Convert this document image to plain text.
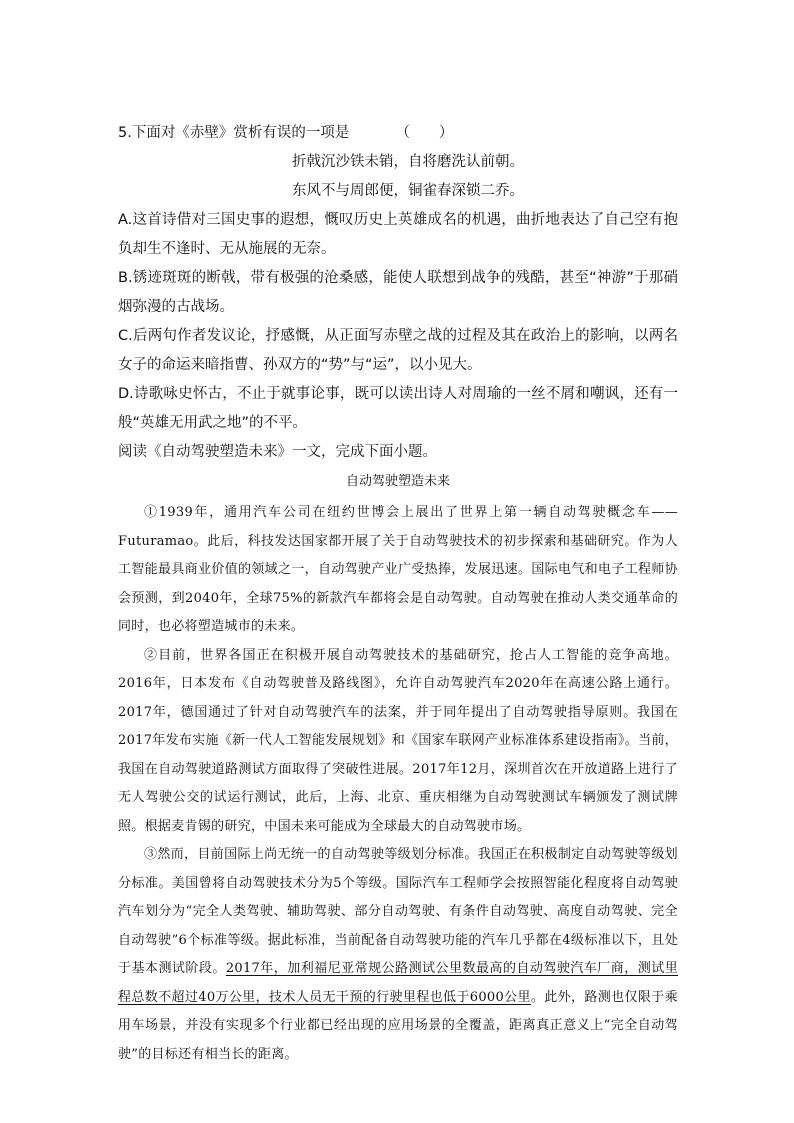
5.下面对《赤壁》赏析有误的一项是	（　　）

折戟沉沙铁未销，自将磨洗认前朝。

东风不与周郎便，铜雀春深锁二乔。

A.这首诗借对三国史事的遐想，慨叹历史上英雄成名的机遇，曲折地表达了自己空有抱负却生不逢时、无从施展的无奈。

B.锈迹斑斑的断戟，带有极强的沧桑感，能使人联想到战争的残酷，甚至“神游”于那硝烟弥漫的古战场。

C.后两句作者发议论，抒感慨，从正面写赤壁之战的过程及其在政治上的影响，以两名女子的命运来暗指曹、孙双方的“势”与“运”，以小见大。

D.诗歌咏史怀古，不止于就事论事，既可以读出诗人对周瑜的一丝不屑和嘲讽，还有一般“英雄无用武之地”的不平。

阅读《自动驾驶塑造未来》一文，完成下面小题。

自动驾驶塑造未来

①1939年，通用汽车公司在纽约世博会上展出了世界上第一辆自动驾驶概念车——Futuramao。此后，科技发达国家都开展了关于自动驾驶技术的初步探索和基础研究。作为人工智能最具商业价值的领域之一，自动驾驶产业广受热捧，发展迅速。国际电气和电子工程师协会预测，到2040年，全球75%的新款汽车都将会是自动驾驶。自动驾驶在推动人类交通革命的同时，也必将塑造城市的未来。

②目前，世界各国正在积极开展自动驾驶技术的基础研究，抢占人工智能的竞争高地。2016年，日本发布《自动驾驶普及路线图》，允许自动驾驶汽车2020年在高速公路上通行。2017年，德国通过了针对自动驾驶汽车的法案，并于同年提出了自动驾驶指导原则。我国在2017年发布实施《新一代人工智能发展规划》和《国家车联网产业标准体系建设指南》。当前，我国在自动驾驶道路测试方面取得了突破性进展。2017年12月，深圳首次在开放道路上进行了无人驾驶公交的试运行测试，此后，上海、北京、重庆相继为自动驾驶测试车辆颁发了测试牌照。根据麦肯锡的研究，中国未来可能成为全球最大的自动驾驶市场。

③然而，目前国际上尚无统一的自动驾驶等级划分标准。我国正在积极制定自动驾驶等级划分标准。美国曾将自动驾驶技术分为5个等级。国际汽车工程师学会按照智能化程度将自动驾驶汽车划分为“完全人类驾驶、辅助驾驶、部分自动驾驶、有条件自动驾驶、高度自动驾驶、完全自动驾驶”6个标准等级。据此标准，当前配备自动驾驶功能的汽车几乎都在4级标准以下，且处于基本测试阶段。2017年，加利福尼亚常规公路测试公里数最高的自动驾驶汽车厂商，测试里程总数不超过40万公里，技术人员无干预的行驶里程也低于6000公里。此外，路测也仅限于乘用车场景，并没有实现多个行业都已经出现的应用场景的全覆盖，距离真正意义上“完全自动驾驶”的目标还有相当长的距离。
